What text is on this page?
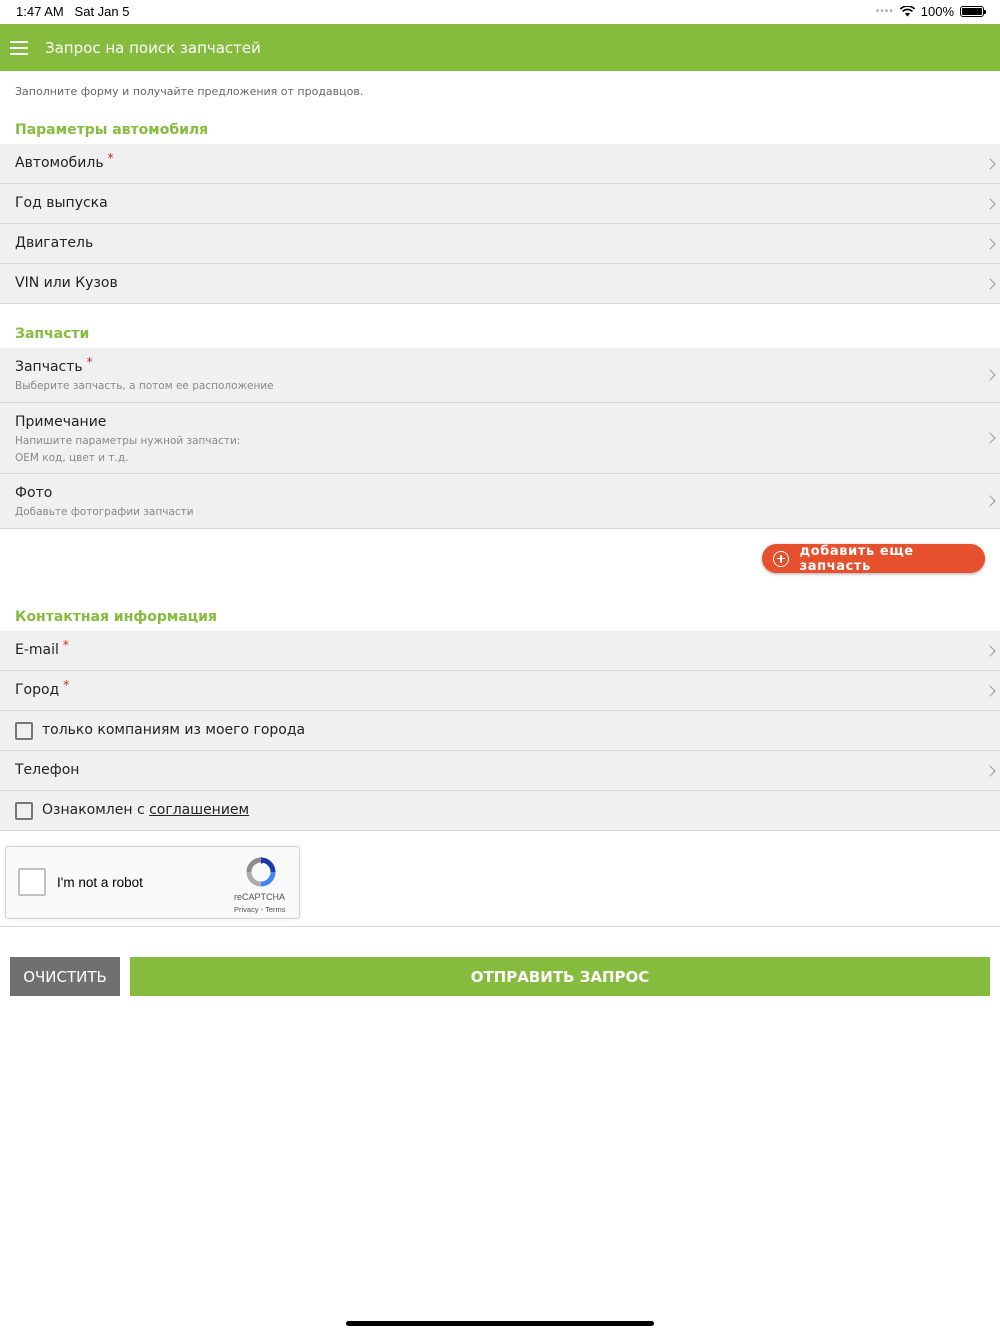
1:47 AM Sat Jan 5	•••• 100%
Запрос на поиск запчастей
Заполните форму и получайте предложения от продавцов.
Параметры автомобиля
Автомобиль *
Год выпуска
Двигатель
VIN или Кузов
Запчасти
Запчасть *
Выберите запчасть, а потом ее расположение
Примечание
Напишите параметры нужной запчасти:
OEM код, цвет и т.д.
Фото
Добавьте фотографии запчасти
добавить еще запчасть
Контактная информация
E-mail *
Город *
только компаниям из моего города
Телефон
Ознакомлен с соглашением
I'm not a robot
reCAPTCHA
Privacy - Terms
ОЧИСТИТЬ	ОТПРАВИТЬ ЗАПРОС
